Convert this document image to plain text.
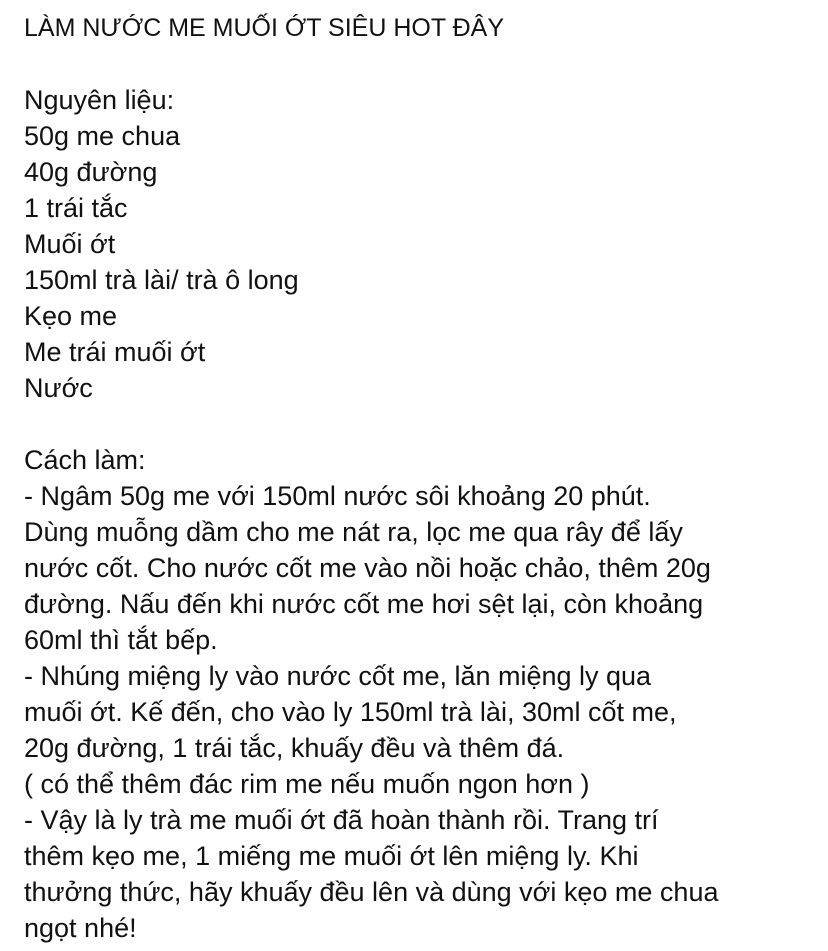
LÀM NƯỚC ME MUỐI ỚT SIÊU HOT ĐÂY
Nguyên liệu:
50g me chua
40g đường
1 trái tắc
Muối ớt
150ml trà lài/ trà ô long
Kẹo me
Me trái muối ớt
Nước
Cách làm:
- Ngâm 50g me với 150ml nước sôi khoảng 20 phút.
Dùng muỗng dầm cho me nát ra, lọc me qua rây để lấy
nước cốt. Cho nước cốt me vào nồi hoặc chảo, thêm 20g
đường. Nấu đến khi nước cốt me hơi sệt lại, còn khoảng
60ml thì tắt bếp.
- Nhúng miệng ly vào nước cốt me, lăn miệng ly qua
muối ớt. Kế đến, cho vào ly 150ml trà lài, 30ml cốt me,
20g đường, 1 trái tắc, khuấy đều và thêm đá.
( có thể thêm đác rim me nếu muốn ngon hơn )
- Vậy là ly trà me muối ớt đã hoàn thành rồi. Trang trí
thêm kẹo me, 1 miếng me muối ớt lên miệng ly. Khi
thưởng thức, hãy khuấy đều lên và dùng với kẹo me chua
ngọt nhé!
